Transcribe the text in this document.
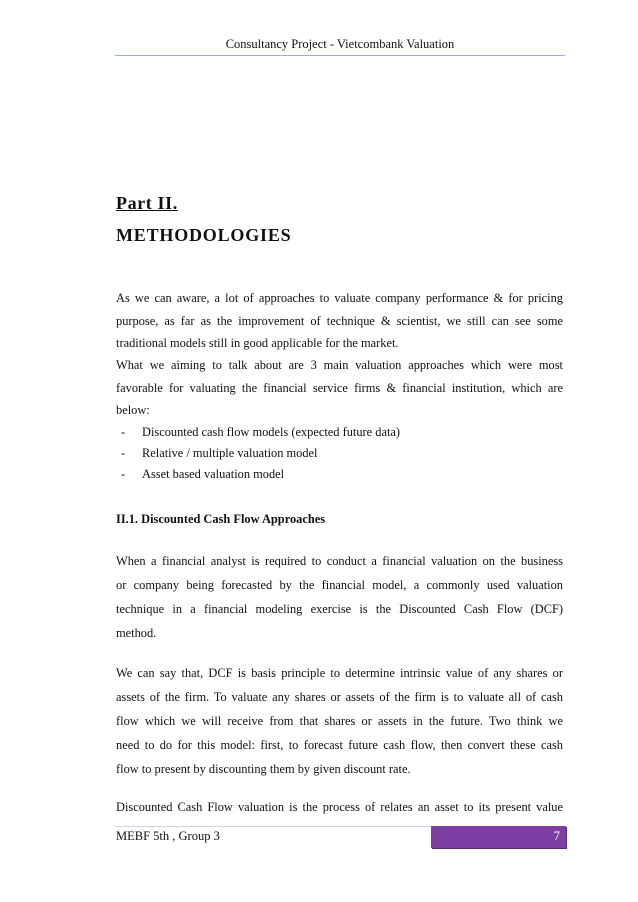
Consultancy Project - Vietcombank Valuation
Part II.
METHODOLOGIES
As we can aware, a lot of approaches to valuate company performance & for pricing
purpose, as far as the improvement of technique & scientist, we still can see some
traditional models still in good applicable for the market.
What we aiming to talk about are 3 main valuation approaches which were most
favorable for valuating the financial service firms & financial institution, which are
below:
- Discounted cash flow models (expected future data)
- Relative / multiple valuation model
- Asset based valuation model
II.1. Discounted Cash Flow Approaches
When a financial analyst is required to conduct a financial valuation on the business
or company being forecasted by the financial model, a commonly used valuation
technique in a financial modeling exercise is the Discounted Cash Flow (DCF)
method.
We can say that, DCF is basis principle to determine intrinsic value of any shares or
assets of the firm. To valuate any shares or assets of the firm is to valuate all of cash
flow which we will receive from that shares or assets in the future. Two think we
need to do for this model: first, to forecast future cash flow, then convert these cash
flow to present by discounting them by given discount rate.
Discounted Cash Flow valuation is the process of relates an asset to its present value
MEBF 5th , Group 3	7
